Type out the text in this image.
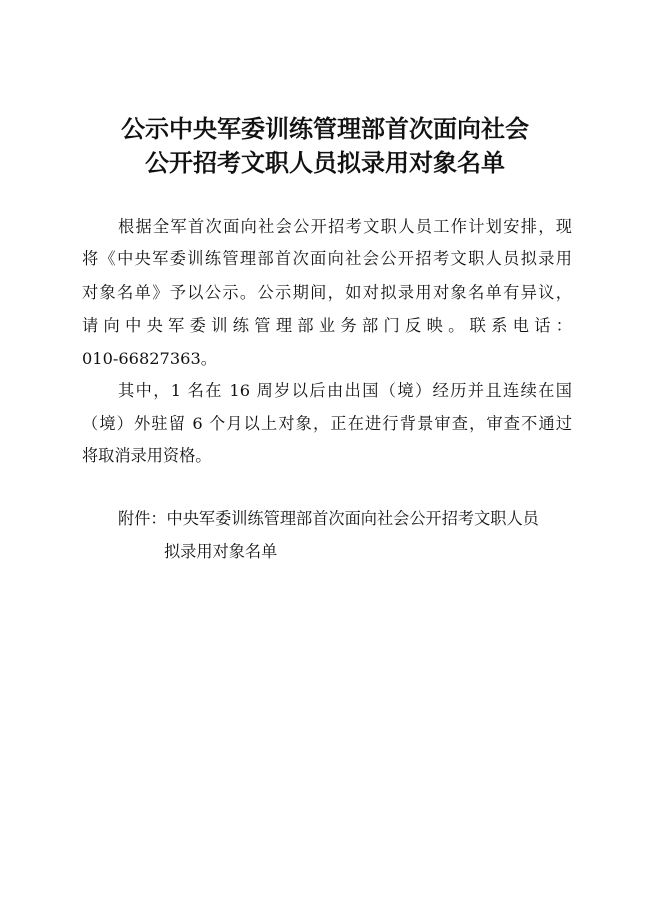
公示中央军委训练管理部首次面向社会
公开招考文职人员拟录用对象名单
根据全军首次面向社会公开招考文职人员工作计划安排，现
将《中央军委训练管理部首次面向社会公开招考文职人员拟录用
对象名单》予以公示。公示期间，如对拟录用对象名单有异议，
请向中央军委训练管理部业务部门反映。联系电话：
010-66827363。
其中，1 名在 16 周岁以后由出国（境）经历并且连续在国
（境）外驻留 6 个月以上对象，正在进行背景审查，审查不通过
将取消录用资格。
附件：中央军委训练管理部首次面向社会公开招考文职人员
拟录用对象名单
